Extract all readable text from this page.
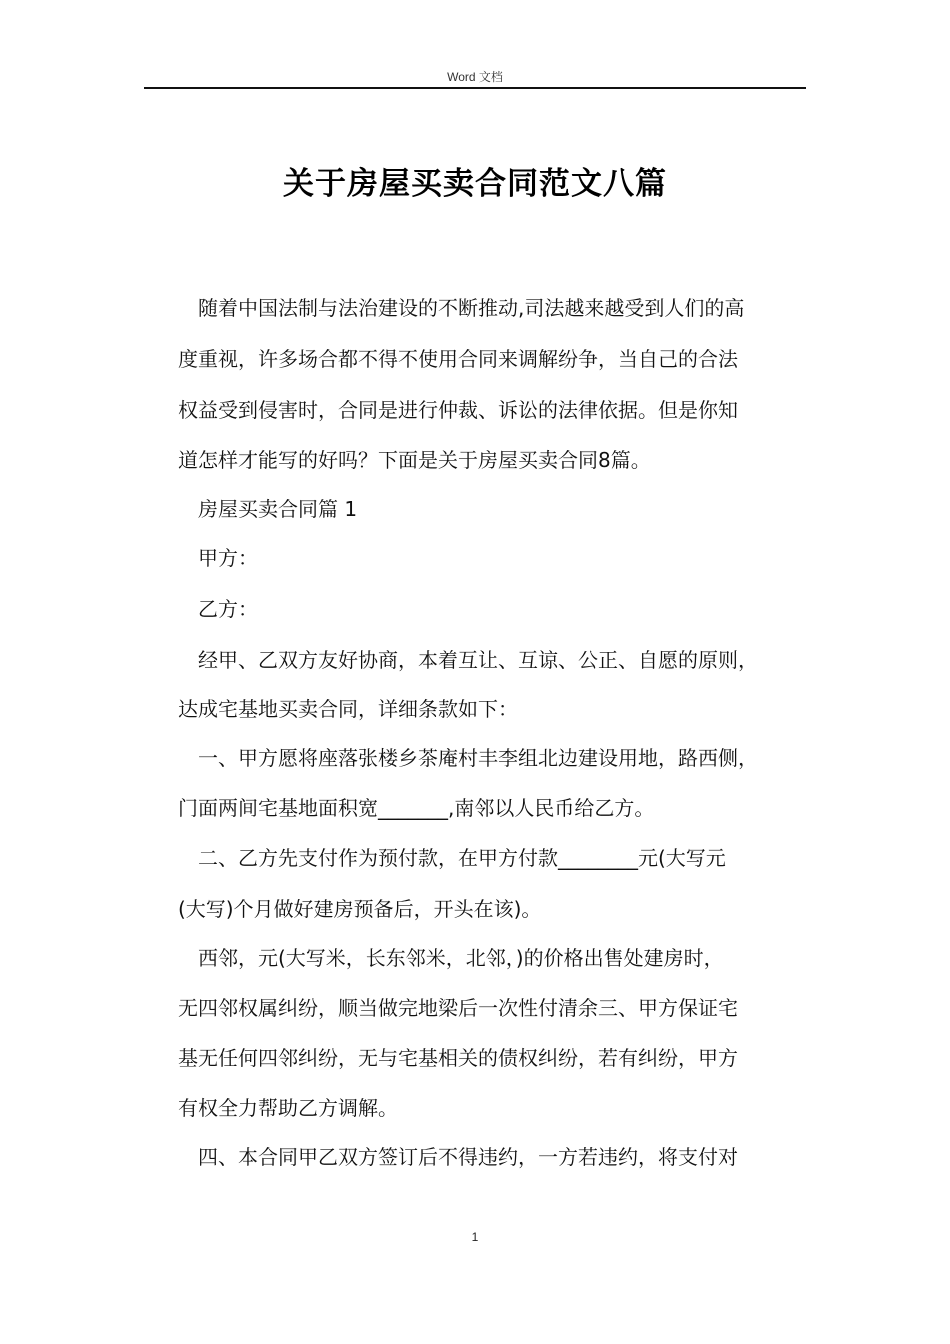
Word 文档
关于房屋买卖合同范文八篇
随着中国法制与法治建设的不断推动,司法越来越受到人们的高
度重视，许多场合都不得不使用合同来调解纷争，当自己的合法
权益受到侵害时，合同是进行仲裁、诉讼的法律依据。但是你知
道怎样才能写的好吗？下面是关于房屋买卖合同8篇。
房屋买卖合同篇 1
甲方：
乙方：
经甲、乙双方友好协商，本着互让、互谅、公正、自愿的原则，
达成宅基地买卖合同，详细条款如下：
一、甲方愿将座落张楼乡茶庵村丰李组北边建设用地，路西侧，
门面两间宅基地面积宽_______,南邻以人民币给乙方。
二、乙方先支付作为预付款，在甲方付款________元(大写元
(大写)个月做好建房预备后，开头在该)。
西邻，元(大写米，长东邻米，北邻，)的价格出售处建房时，
无四邻权属纠纷，顺当做完地梁后一次性付清余三、甲方保证宅
基无任何四邻纠纷，无与宅基相关的债权纠纷，若有纠纷，甲方
有权全力帮助乙方调解。
四、本合同甲乙双方签订后不得违约，一方若违约，将支付对
1
